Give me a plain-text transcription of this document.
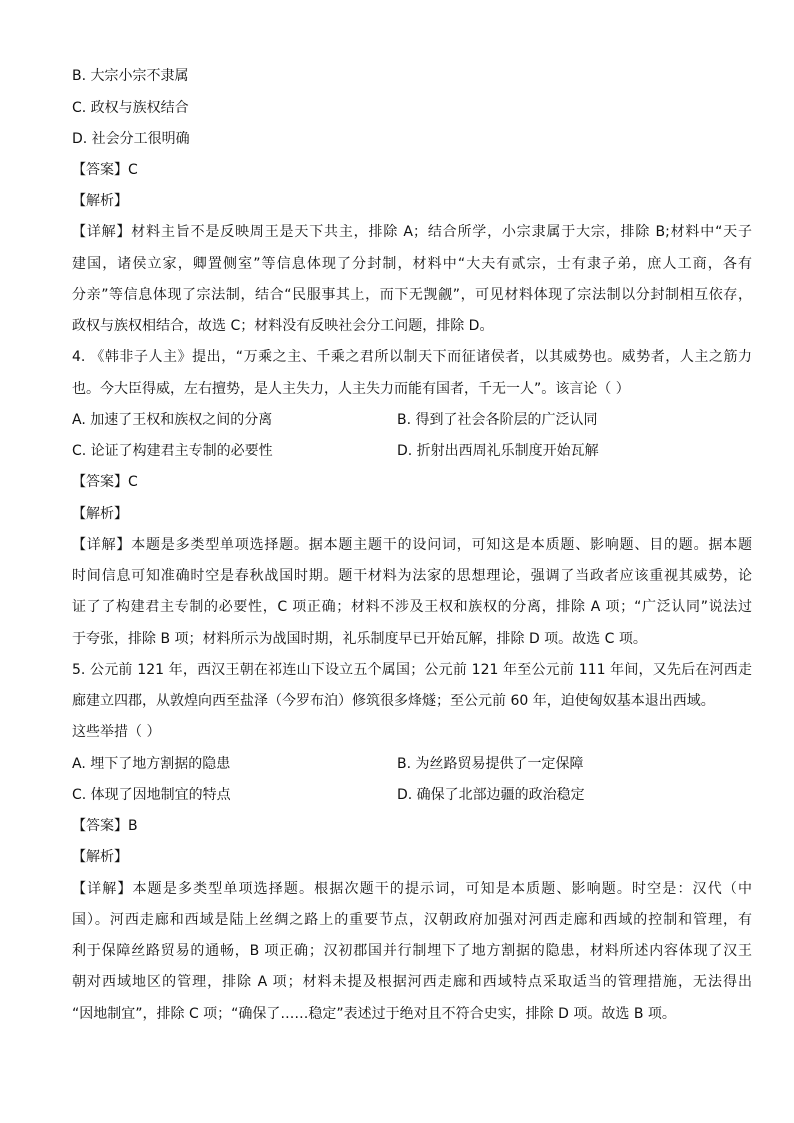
B. 大宗小宗不隶属
C. 政权与族权结合
D. 社会分工很明确
【答案】C
【解析】
【详解】材料主旨不是反映周王是天下共主，排除 A；结合所学，小宗隶属于大宗，排除 B;材料中“天子
建国，诸侯立家，卿置侧室”等信息体现了分封制，材料中“大夫有贰宗，士有隶子弟，庶人工商，各有
分亲”等信息体现了宗法制，结合“民服事其上，而下无觊觎”，可见材料体现了宗法制以分封制相互依存，
政权与族权相结合，故选 C；材料没有反映社会分工问题，排除 D。
4. 《韩非子人主》提出，“万乘之主、千乘之君所以制天下而征诸侯者，以其威势也。威势者，人主之筋力
也。今大臣得威，左右擅势，是人主失力，人主失力而能有国者，千无一人”。该言论（ ）
A. 加速了王权和族权之间的分离	B. 得到了社会各阶层的广泛认同
C. 论证了构建君主专制的必要性	D. 折射出西周礼乐制度开始瓦解
【答案】C
【解析】
【详解】本题是多类型单项选择题。据本题主题干的设问词，可知这是本质题、影响题、目的题。据本题
时间信息可知准确时空是春秋战国时期。题干材料为法家的思想理论，强调了当政者应该重视其威势，论
证了了构建君主专制的必要性，C 项正确；材料不涉及王权和族权的分离，排除 A 项；“广泛认同”说法过
于夸张，排除 B 项；材料所示为战国时期，礼乐制度早已开始瓦解，排除 D 项。故选 C 项。
5. 公元前 121 年，西汉王朝在祁连山下设立五个属国；公元前 121 年至公元前 111 年间，又先后在河西走
廊建立四郡，从敦煌向西至盐泽（今罗布泊）修筑很多烽燧；至公元前 60 年，迫使匈奴基本退出西域。
这些举措（ ）
A. 埋下了地方割据的隐患	B. 为丝路贸易提供了一定保障
C. 体现了因地制宜的特点	D. 确保了北部边疆的政治稳定
【答案】B
【解析】
【详解】本题是多类型单项选择题。根据次题干的提示词，可知是本质题、影响题。时空是：汉代（中
国）。河西走廊和西域是陆上丝绸之路上的重要节点，汉朝政府加强对河西走廊和西域的控制和管理，有
利于保障丝路贸易的通畅，B 项正确；汉初郡国并行制埋下了地方割据的隐患，材料所述内容体现了汉王
朝对西域地区的管理，排除 A 项；材料未提及根据河西走廊和西域特点采取适当的管理措施，无法得出
“因地制宜”，排除 C 项；“确保了……稳定”表述过于绝对且不符合史实，排除 D 项。故选 B 项。
